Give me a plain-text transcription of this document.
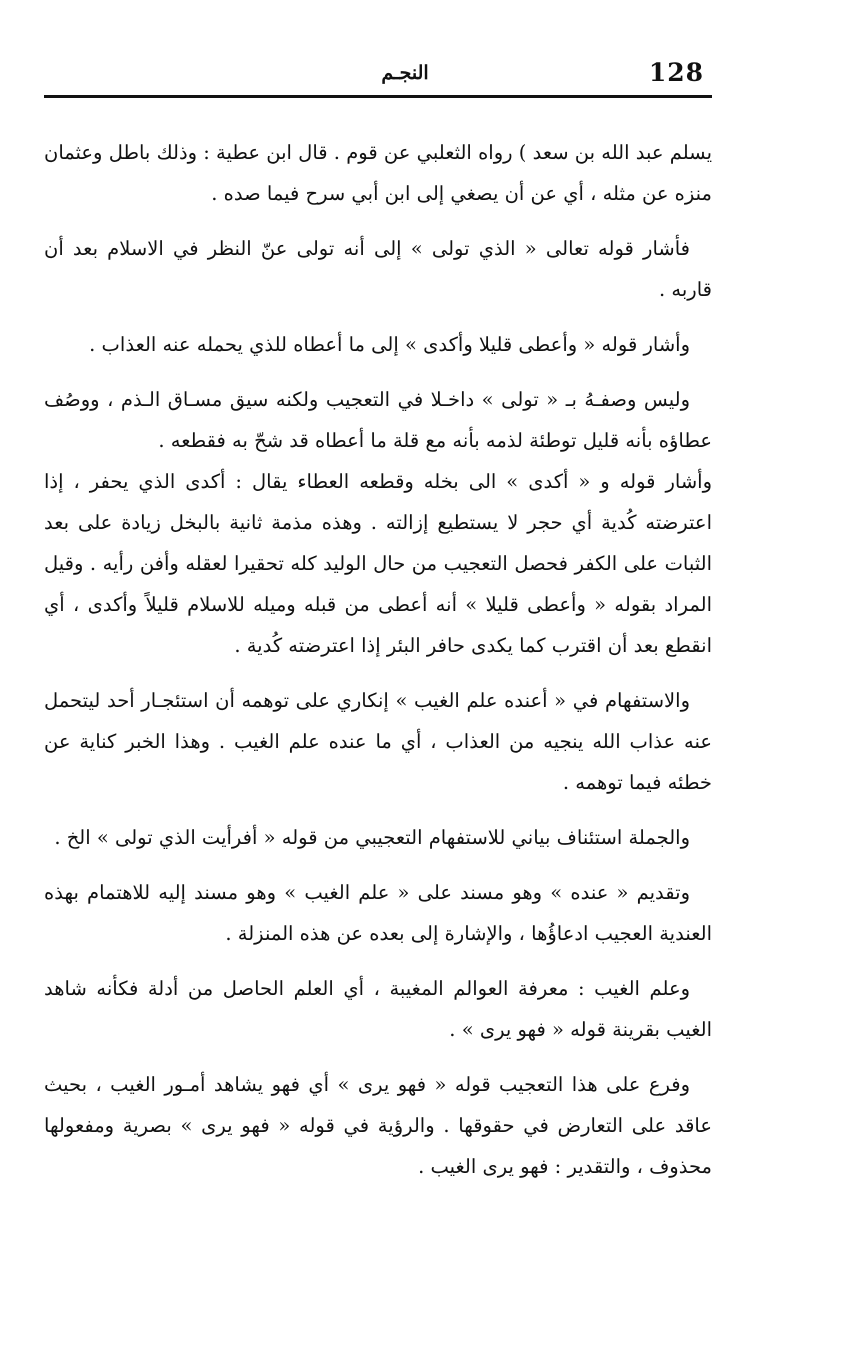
128
النجـم

يسلم عبد الله بن سعد ) رواه الثعلبي عن قوم . قال ابن عطية : وذلك باطل وعثمان منزه عن مثله ، أي عن أن يصغي إلى ابن أبي سرح فيما صده .

فأشار قوله تعالى « الذي تولى » إلى أنه تولى عنّ النظر في الاسلام بعد أن قاربه .

وأشار قوله « وأعطى قليلا وأكدى » إلى ما أعطاه للذي يحمله عنه العذاب .

وليس وصفـهُ بـ « تولى » داخـلا في التعجيب ولكنه سيق مسـاق الـذم ، ووصُف عطاؤه بأنه قليل توطئة لذمه بأنه مع قلة ما أعطاه قد شحّ به فقطعه .

وأشار قوله و « أكدى » الى بخله وقطعه العطاء يقال : أكدى الذي يحفر ، إذا اعترضته كُدية أي حجر لا يستطيع إزالته . وهذه مذمة ثانية بالبخل زيادة على بعد الثبات على الكفر فحصل التعجيب من حال الوليد كله تحقيرا لعقله وأفن رأيه . وقيل المراد بقوله « وأعطى قليلا » أنه أعطى من قبله وميله للاسلام قليلاً وأكدى ، أي انقطع بعد أن اقترب كما يكدى حافر البئر إذا اعترضته كُدية .

والاستفهام في « أعنده علم الغيب » إنكاري على توهمه أن استئجـار أحد ليتحمل عنه عذاب الله ينجيه من العذاب ، أي ما عنده علم الغيب . وهذا الخبر كناية عن خطئه فيما توهمه .

والجملة استئناف بياني للاستفهام التعجيبي من قوله « أفرأيت الذي تولى » الخ .

وتقديم « عنده » وهو مسند على « علم الغيب » وهو مسند إليه للاهتمام بهذه العندية العجيب ادعاؤُها ، والإشارة إلى بعده عن هذه المنزلة .

وعلم الغيب : معرفة العوالم المغيبة ، أي العلم الحاصل من أدلة فكأنه شاهد الغيب بقرينة قوله « فهو يرى » .

وفرع على هذا التعجيب قوله « فهو يرى » أي فهو يشاهد أمـور الغيب ، بحيث عاقد على التعارض في حقوقها . والرؤية في قوله « فهو يرى » بصرية ومفعولها محذوف ، والتقدير : فهو يرى الغيب .
